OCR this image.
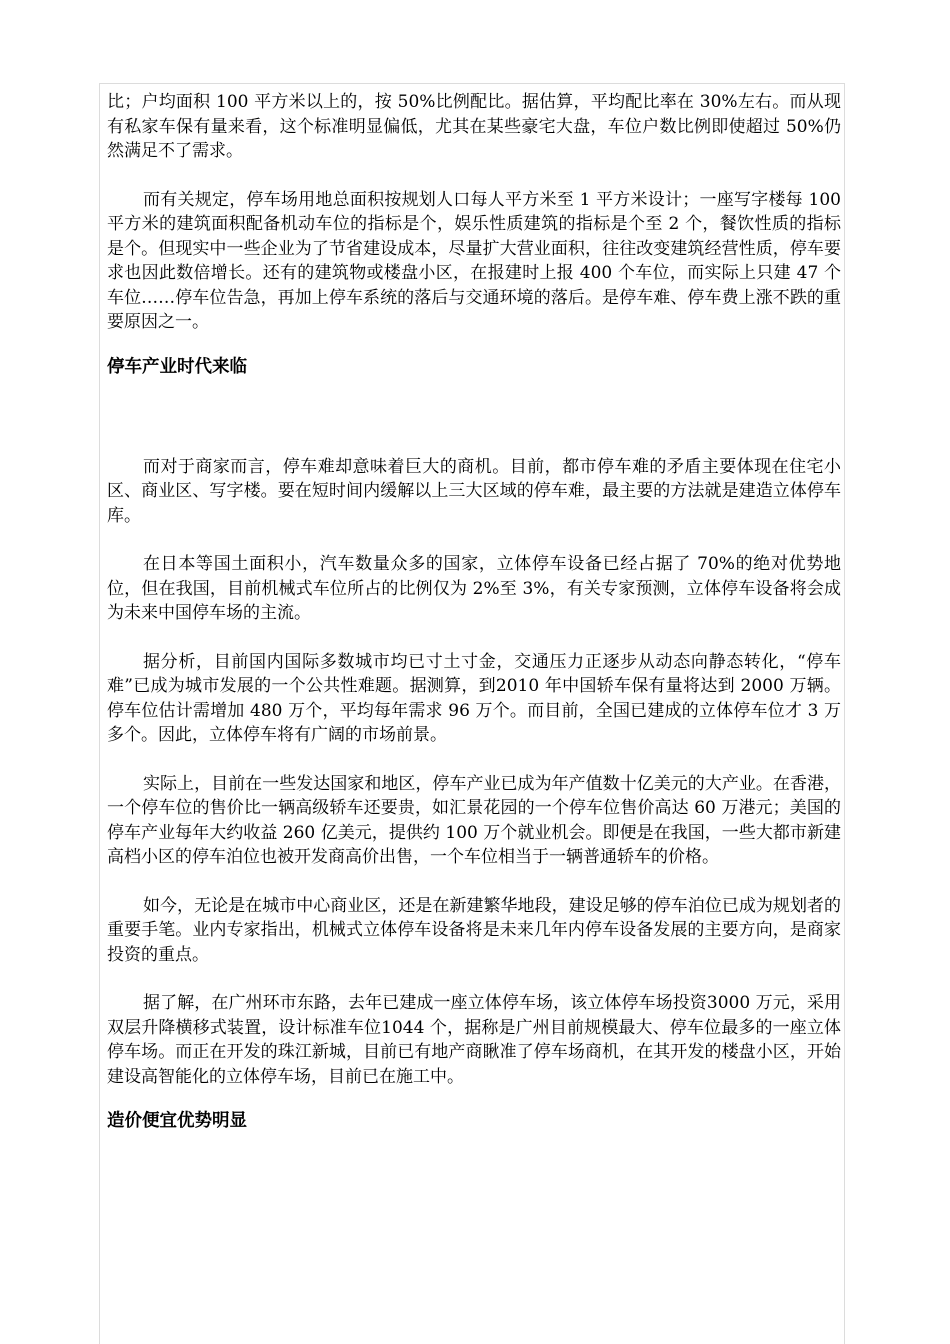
比；户均面积 100 平方米以上的，按 50%比例配比。据估算，平均配比率在 30%左右。而从现有私家车保有量来看，这个标准明显偏低，尤其在某些豪宅大盘，车位户数比例即使超过 50%仍然满足不了需求。

而有关规定，停车场用地总面积按规划人口每人平方米至 1 平方米设计；一座写字楼每 100 平方米的建筑面积配备机动车位的指标是个，娱乐性质建筑的指标是个至 2 个，餐饮性质的指标是个。但现实中一些企业为了节省建设成本，尽量扩大营业面积，往往改变建筑经营性质，停车要求也因此数倍增长。还有的建筑物或楼盘小区，在报建时上报 400 个车位，而实际上只建 47 个车位……停车位告急，再加上停车系统的落后与交通环境的落后。是停车难、停车费上涨不跌的重要原因之一。

停车产业时代来临

而对于商家而言，停车难却意味着巨大的商机。目前，都市停车难的矛盾主要体现在住宅小区、商业区、写字楼。要在短时间内缓解以上三大区域的停车难，最主要的方法就是建造立体停车库。

在日本等国土面积小，汽车数量众多的国家，立体停车设备已经占据了 70%的绝对优势地位，但在我国，目前机械式车位所占的比例仅为 2%至 3%，有关专家预测，立体停车设备将会成为未来中国停车场的主流。

据分析，目前国内国际多数城市均已寸土寸金，交通压力正逐步从动态向静态转化，“停车难”已成为城市发展的一个公共性难题。据测算，到2010 年中国轿车保有量将达到 2000 万辆。停车位估计需增加 480 万个，平均每年需求 96 万个。而目前，全国已建成的立体停车位才 3 万多个。因此，立体停车将有广阔的市场前景。

实际上，目前在一些发达国家和地区，停车产业已成为年产值数十亿美元的大产业。在香港，一个停车位的售价比一辆高级轿车还要贵，如汇景花园的一个停车位售价高达 60 万港元；美国的停车产业每年大约收益 260 亿美元，提供约 100 万个就业机会。即便是在我国，一些大都市新建高档小区的停车泊位也被开发商高价出售，一个车位相当于一辆普通轿车的价格。

如今，无论是在城市中心商业区，还是在新建繁华地段，建设足够的停车泊位已成为规划者的重要手笔。业内专家指出，机械式立体停车设备将是未来几年内停车设备发展的主要方向，是商家投资的重点。

据了解，在广州环市东路，去年已建成一座立体停车场，该立体停车场投资3000 万元，采用双层升降横移式装置，设计标准车位1044 个，据称是广州目前规模最大、停车位最多的一座立体停车场。而正在开发的珠江新城，目前已有地产商瞅准了停车场商机，在其开发的楼盘小区，开始建设高智能化的立体停车场，目前已在施工中。

造价便宜优势明显
